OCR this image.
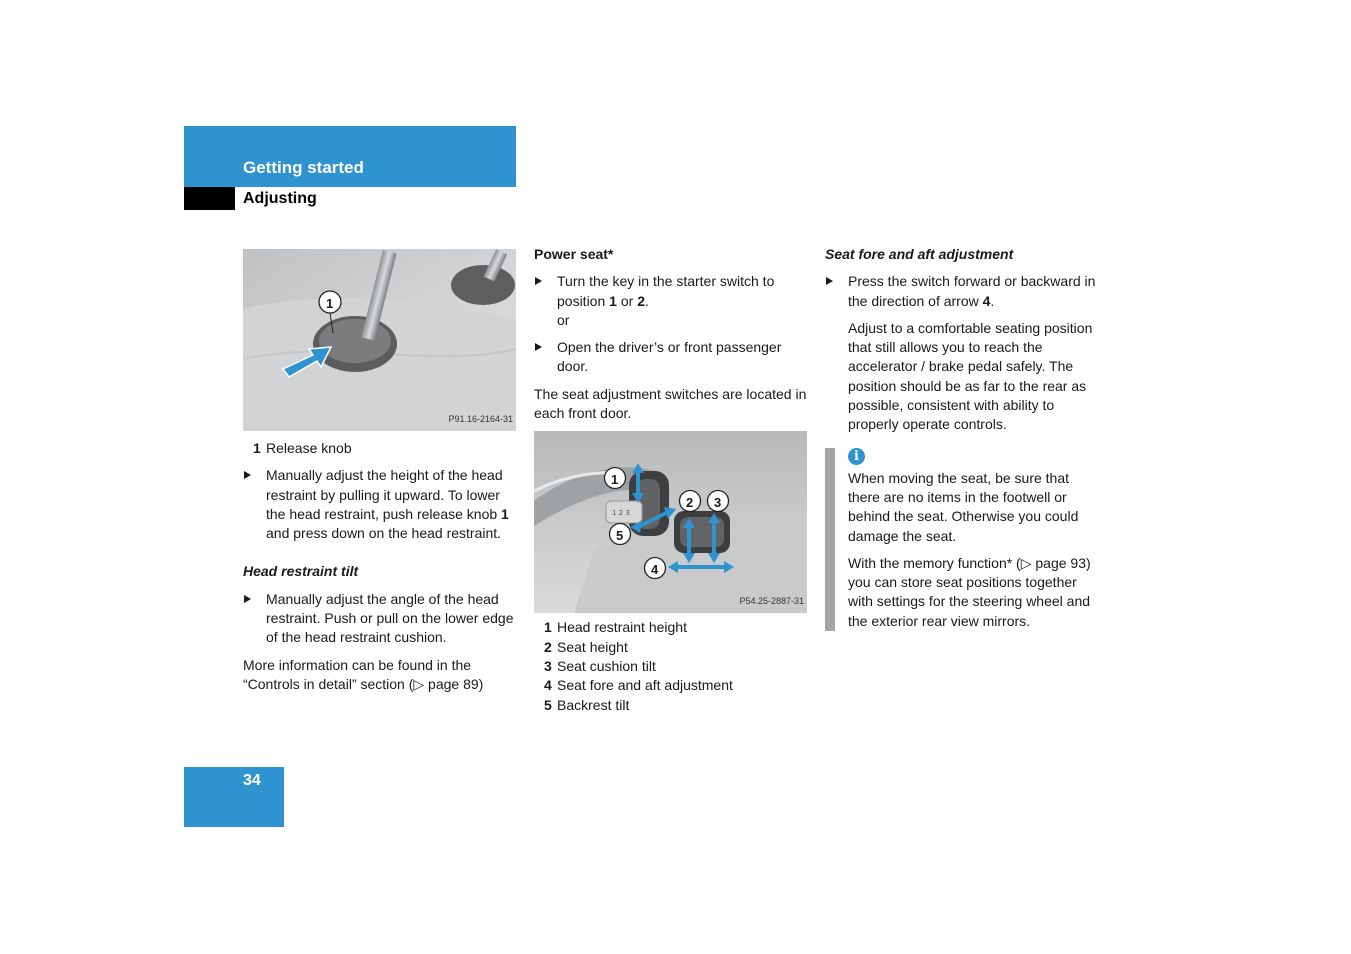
Getting started
Adjusting
1
P91.16-2164-31
1 Release knob
Manually adjust the height of the head restraint by pulling it upward. To lower the head restraint, push release knob 1 and press down on the head restraint.
Head restraint tilt
Manually adjust the angle of the head restraint. Push or pull on the lower edge of the head restraint cushion.
More information can be found in the “Controls in detail” section (▷ page 89)
Power seat*
Turn the key in the starter switch to position 1 or 2.
or
Open the driver’s or front passenger door.
The seat adjustment switches are located in each front door.
1 2 3
1
2 3
4
5
P54.25-2887-31
1 Head restraint height
2 Seat height
3 Seat cushion tilt
4 Seat fore and aft adjustment
5 Backrest tilt
Seat fore and aft adjustment
Press the switch forward or backward in the direction of arrow 4.
Adjust to a comfortable seating position that still allows you to reach the accelerator / brake pedal safely. The position should be as far to the rear as possible, consistent with ability to properly operate controls.
i
When moving the seat, be sure that there are no items in the footwell or behind the seat. Otherwise you could damage the seat.
With the memory function* (▷ page 93) you can store seat positions together with settings for the steering wheel and the exterior rear view mirrors.
34
